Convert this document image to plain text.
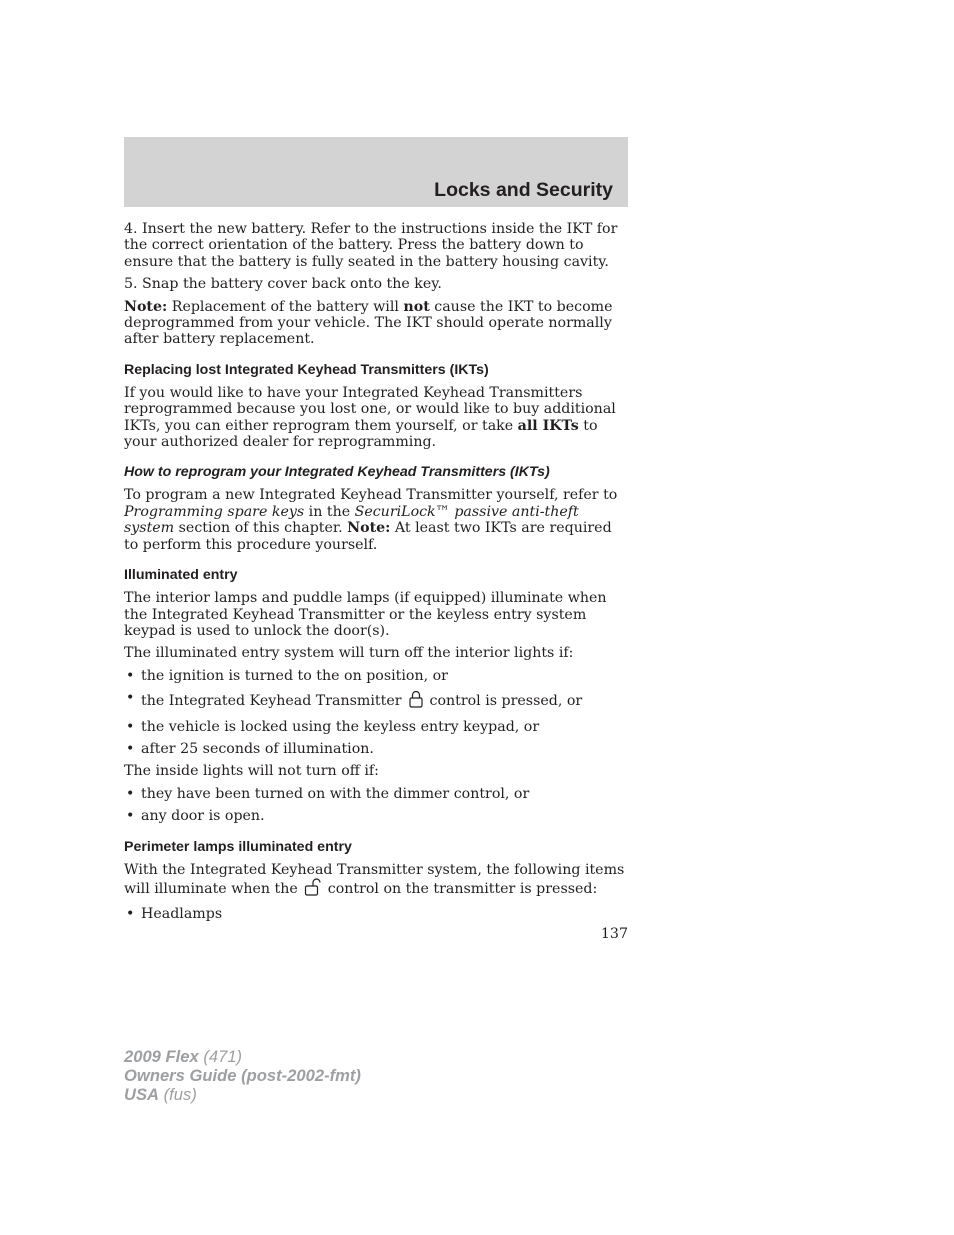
Locks and Security

4. Insert the new battery. Refer to the instructions inside the IKT for the correct orientation of the battery. Press the battery down to ensure that the battery is fully seated in the battery housing cavity.

5. Snap the battery cover back onto the key.

Note: Replacement of the battery will not cause the IKT to become deprogrammed from your vehicle. The IKT should operate normally after battery replacement.

Replacing lost Integrated Keyhead Transmitters (IKTs)

If you would like to have your Integrated Keyhead Transmitters reprogrammed because you lost one, or would like to buy additional IKTs, you can either reprogram them yourself, or take all IKTs to your authorized dealer for reprogramming.

How to reprogram your Integrated Keyhead Transmitters (IKTs)

To program a new Integrated Keyhead Transmitter yourself, refer to Programming spare keys in the SecuriLock™ passive anti-theft system section of this chapter. Note: At least two IKTs are required to perform this procedure yourself.

Illuminated entry

The interior lamps and puddle lamps (if equipped) illuminate when the Integrated Keyhead Transmitter or the keyless entry system keypad is used to unlock the door(s).

The illuminated entry system will turn off the interior lights if:

• the ignition is turned to the on position, or
• the Integrated Keyhead Transmitter control is pressed, or
• the vehicle is locked using the keyless entry keypad, or
• after 25 seconds of illumination.

The inside lights will not turn off if:

• they have been turned on with the dimmer control, or
• any door is open.
Perimeter lamps illuminated entry

With the Integrated Keyhead Transmitter system, the following items will illuminate when the control on the transmitter is pressed:

• Headlamps
137
2009 Flex (471)
Owners Guide (post-2002-fmt)
USA (fus)
